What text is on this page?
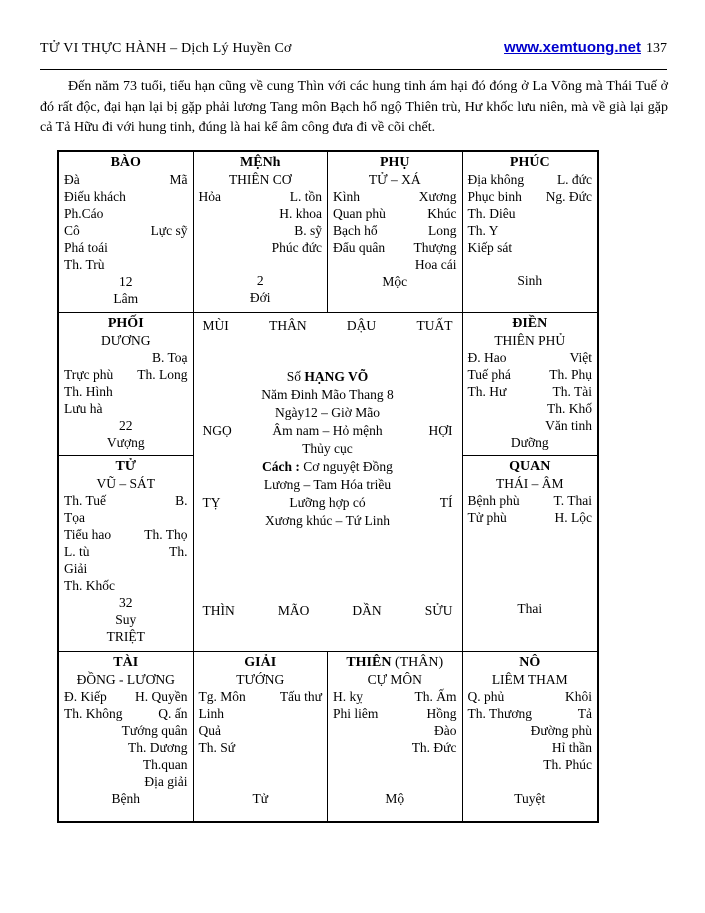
TỬ VI THỰC HÀNH – Dịch Lý Huyền Cơ	www.xemtuong.net 137
Đến năm 73 tuổi, tiểu hạn cũng về cung Thìn với các hung tinh ám hại đó đóng ở La Võng mà Thái Tuế ở đó rất độc, đại hạn lại bị gặp phải lương Tang môn Bạch hổ ngộ Thiên trù, Hư khốc lưu niên, mà về già lại gặp cả Tả Hữu đi với hung tinh, đúng là hai kể âm công đưa đi về cõi chết.
BÀO
Đà	Mã
Điếu khách
Ph.Cáo
Cô	Lực sỹ
Phá toái
Th. Trù
12
Lâm
MỆNh
THIÊN CƠ
Hỏa	L. tồn
H. khoa
B. sỹ
Phúc đức
2
Đới
PHỤ
TỬ – XÁ
Kình	Xương
Quan phù	Khúc
Bạch hổ	Long
Đẩu quân Thượng
Hoa cái
Mộc
PHÚC
Địa không L. đức
Phục binh Ng. Đức
Th. Diêu
Th. Y
Kiếp sát
Sinh
PHỐI
DƯƠNG
B. Toạ
Trực phù Th. Long
Th. Hình
Lưu hà
22
Vượng
MÙI	THÂN	DẬU	TUẤT
Số HẠNG VÕ
Năm Đinh Mão Thang 8
Ngày12 – Giờ Mão
Âm nam – Hỏ mệnh
NGỌ	HỢI
Thủy cục
Cách : Cơ nguyệt Đồng
Lương – Tam Hóa triều
Lưỡng hợp có
TỴ	TÍ
Xương khúc – Tứ Linh
THÌN	MÃO	DẦN	SỬU
ĐIỀN
THIÊN PHỦ
Đ. Hao	Việt
Tuế phá	Th. Phụ
Th. Hư	Th. Tài
Th. Khố
Văn tinh
Dưỡng
TỬ
VŨ – SÁT
Th. Tuế	B.
Tọa
Tiểu hao Th. Thọ
L. tù	Th.
Giải
Th. Khốc
32
Suy
TRIỆT
QUAN
THÁI – ÂM
Bệnh phù	T. Thai
Tử phù	H. Lộc
Thai
TÀI
ĐỒNG - LƯƠNG
Đ. Kiếp H. Quyền
Th. Không	Q. ấn
Tướng quân
Th. Dương
Th.quan
Địa giải
Bệnh
GIẢI
TƯỚNG
Tg. Môn	Tấu thư
Linh
Quả
Th. Sứ
Tử
THIÊN (THÂN)
CỰ MÔN
H. kỵ	Th. Ấm
Phi liêm	Hồng
Đào
Th. Đức
Mộ
NÔ
LIÊM THAM
Q. phủ	Khôi
Th. Thương	Tả
Đường phù
Hỉ thần
Th. Phúc
Tuyệt
